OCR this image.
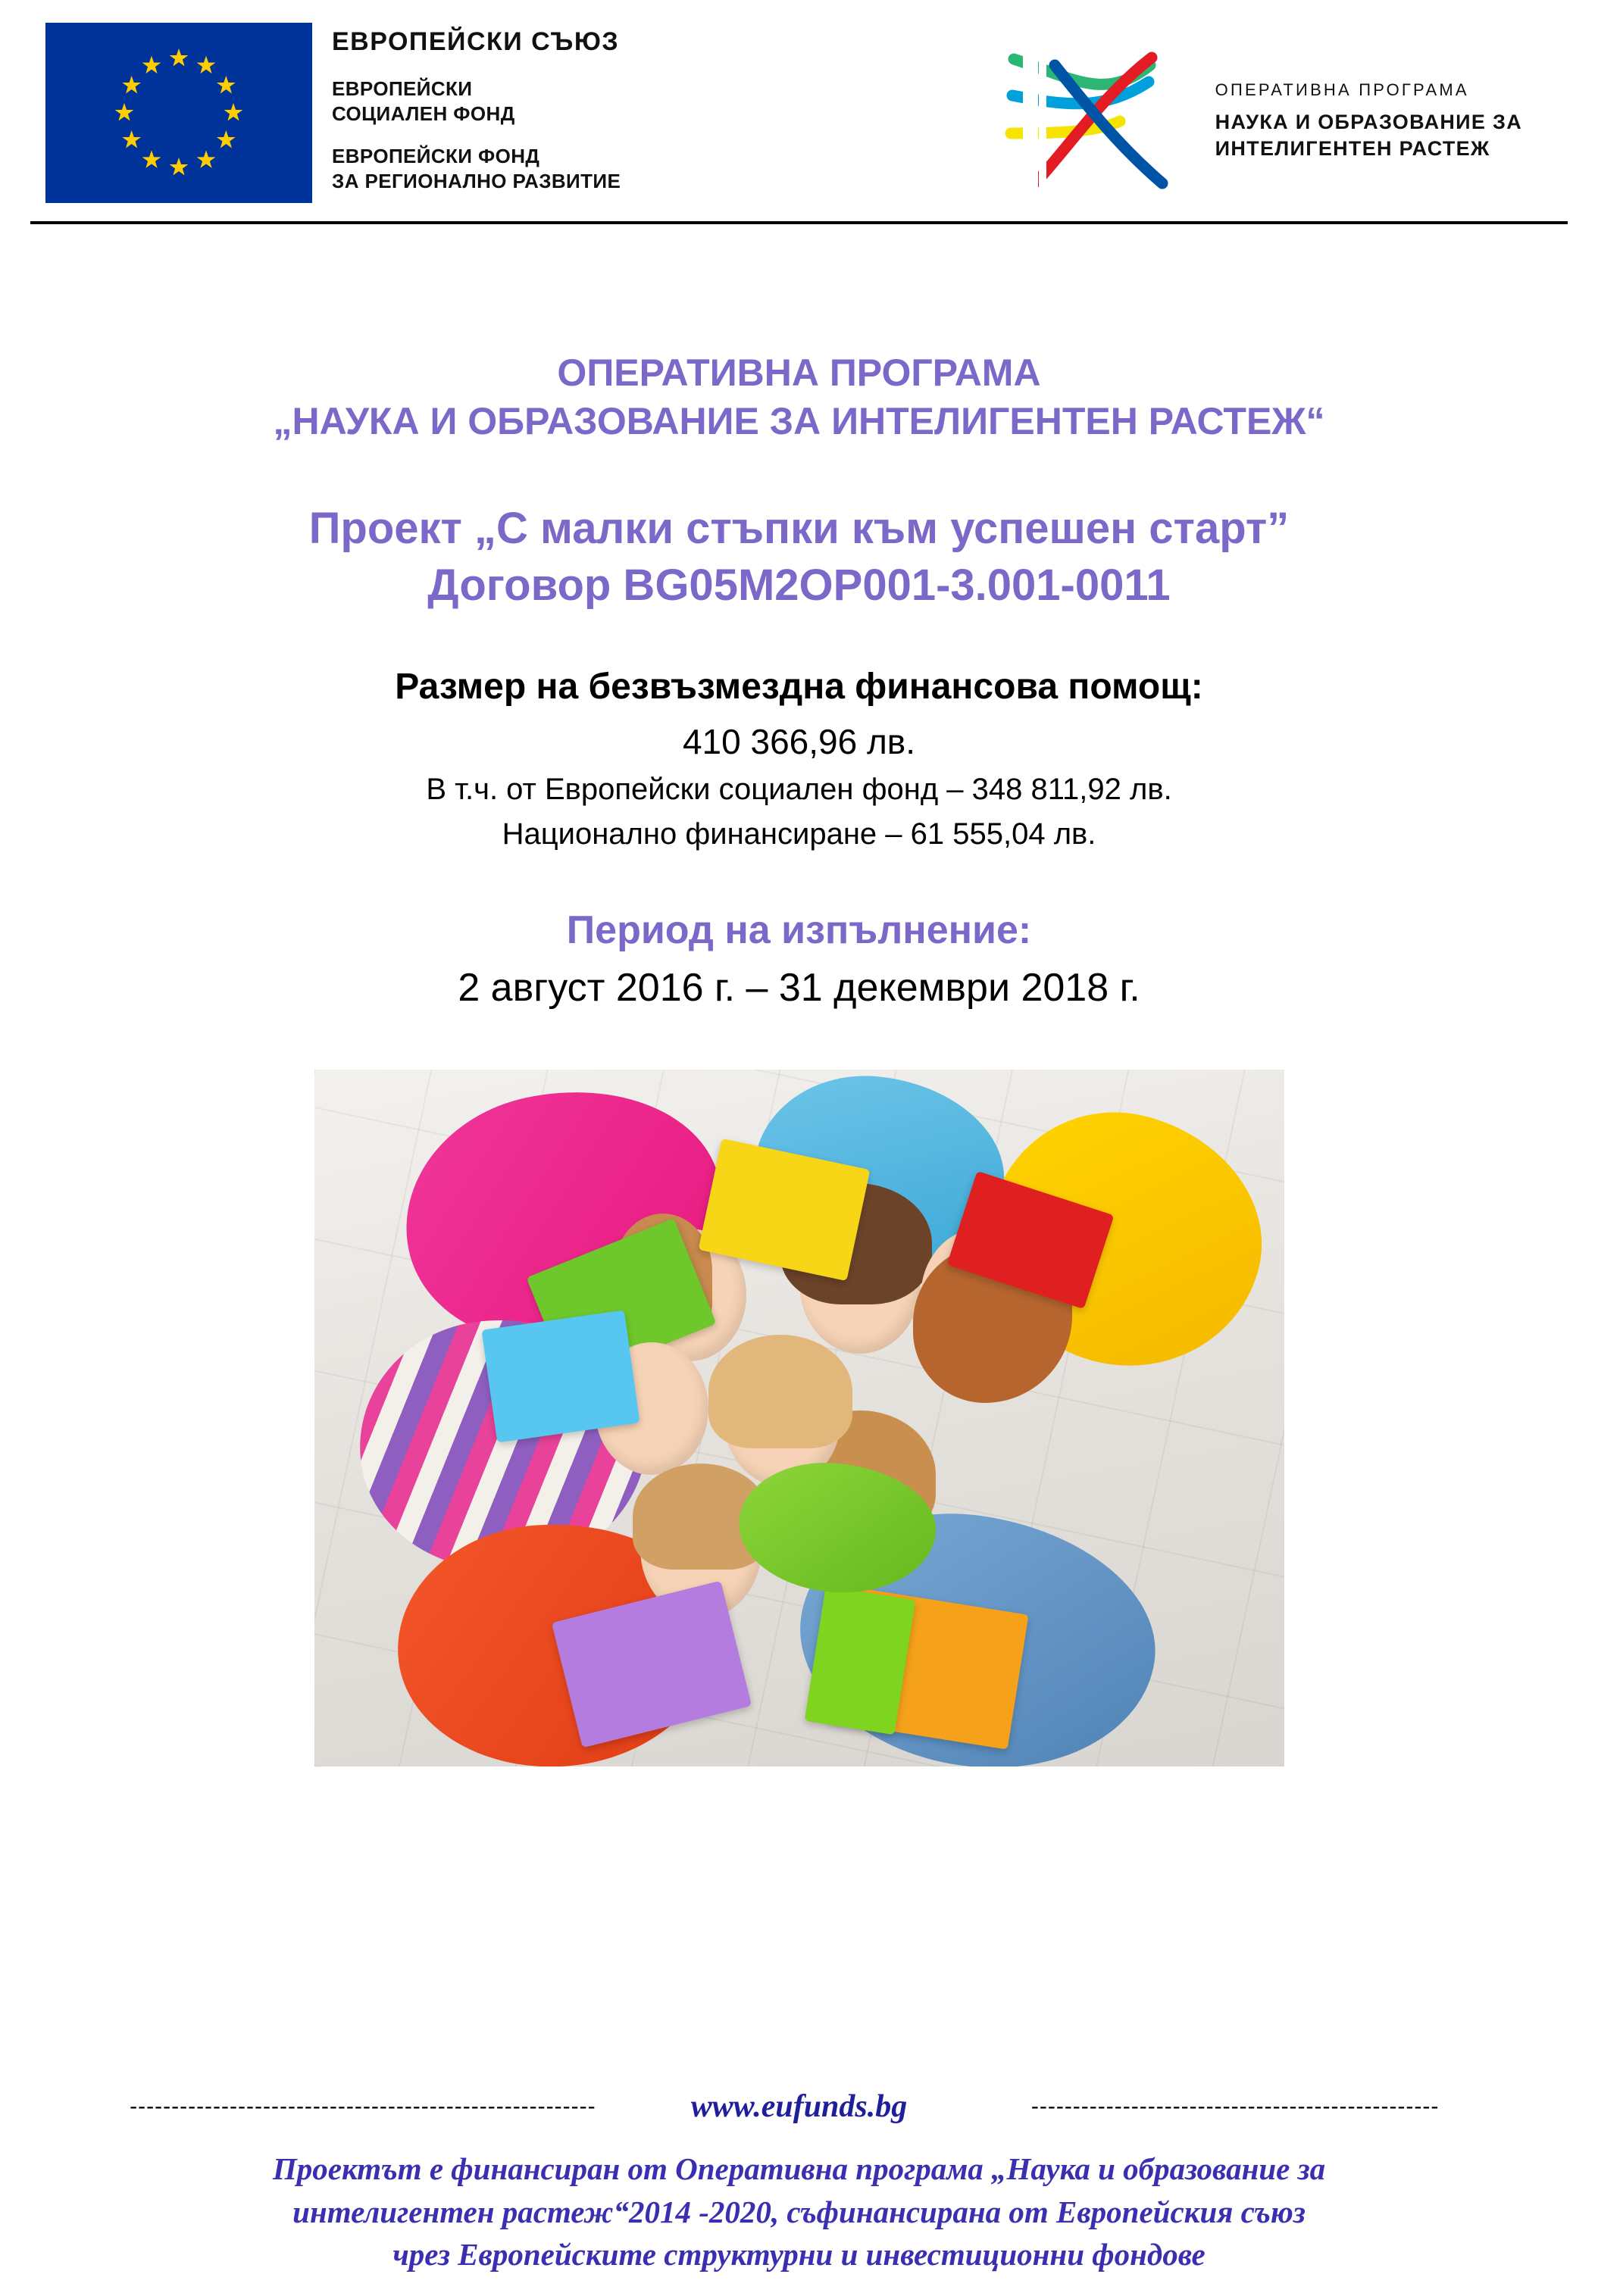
ЕВРОПЕЙСКИ СЪЮЗ
ЕВРОПЕЙСКИ
СОЦИАЛЕН ФОНД
ЕВРОПЕЙСКИ ФОНД
ЗА РЕГИОНАЛНО РАЗВИТИЕ
ОПЕРАТИВНА ПРОГРАМА
НАУКА И ОБРАЗОВАНИЕ ЗА
ИНТЕЛИГЕНТЕН РАСТЕЖ
ОПЕРАТИВНА ПРОГРАМА
„НАУКА И ОБРАЗОВАНИЕ ЗА ИНТЕЛИГЕНТЕН РАСТЕЖ“
Проект „С малки стъпки към успешен старт”
Договор BG05M2OP001-3.001-0011
Размер на безвъзмездна финансова помощ:
410 366,96 лв.
В т.ч. от Европейски социален фонд – 348 811,92 лв.
Национално финансиране – 61 555,04 лв.
Период на изпълнение:
2 август 2016 г. – 31 декември 2018 г.
--------------------------------------------------------	www.eufunds.bg	-------------------------------------------------
Проектът е финансиран от Оперативна програма „Наука и образование за
интелигентен растеж“2014 -2020, съфинансирана от Европейския съюз
чрез Европейските структурни и инвестиционни фондове
